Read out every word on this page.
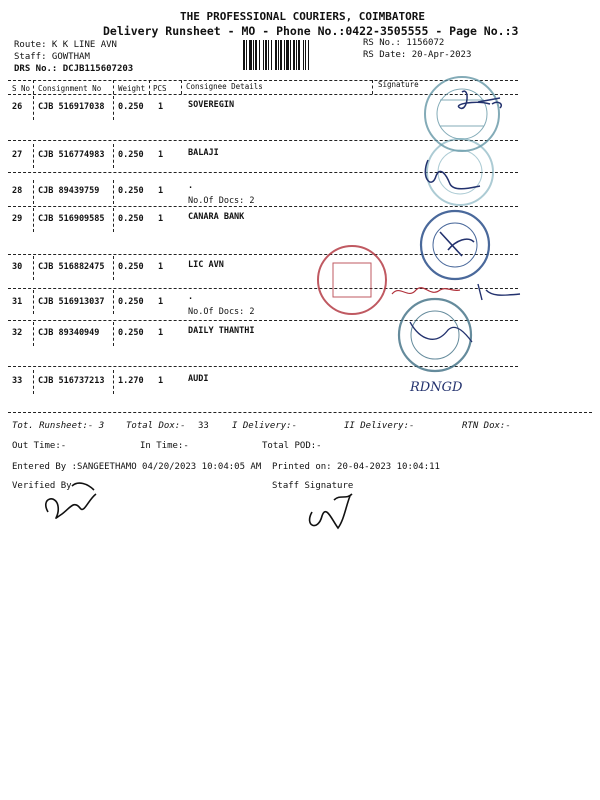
THE PROFESSIONAL COURIERS, COIMBATORE
Delivery Runsheet - MO - Phone No.:0422-3505555 - Page No.:3
Route: K K LINE AVN
Staff: GOWTHAM
DRS No.: DCJB115607203
RS No.: 1156072
RS Date: 20-Apr-2023
S No Consignment No Weight PCS	Consignee Details	Signature
26 CJB 516917038 0.250 1	SOVEREGIN
27 CJB 516774983 0.250 1	BALAJI
28 CJB 89439759 0.250 1	.
No.Of Docs: 2
29 CJB 516909585 0.250 1	CANARA BANK
30 CJB 516882475 0.250 1	LIC AVN
31 CJB 516913037 0.250 1	.
No.Of Docs: 2
32 CJB 89340949 0.250 1	DAILY THANTHI
33 CJB 516737213 1.270 1	AUDI
Tot. Runsheet:- 3 Total Dox:- 33	I Delivery:-	II Delivery:-	RTN Dox:-
Out Time:-	In Time:-	Total POD:-
Entered By :SANGEETHAMO 04/20/2023 10:04:05 AM Printed on: 20-04-2023 10:04:11
Verified By	Staff Signature
RDNGD
